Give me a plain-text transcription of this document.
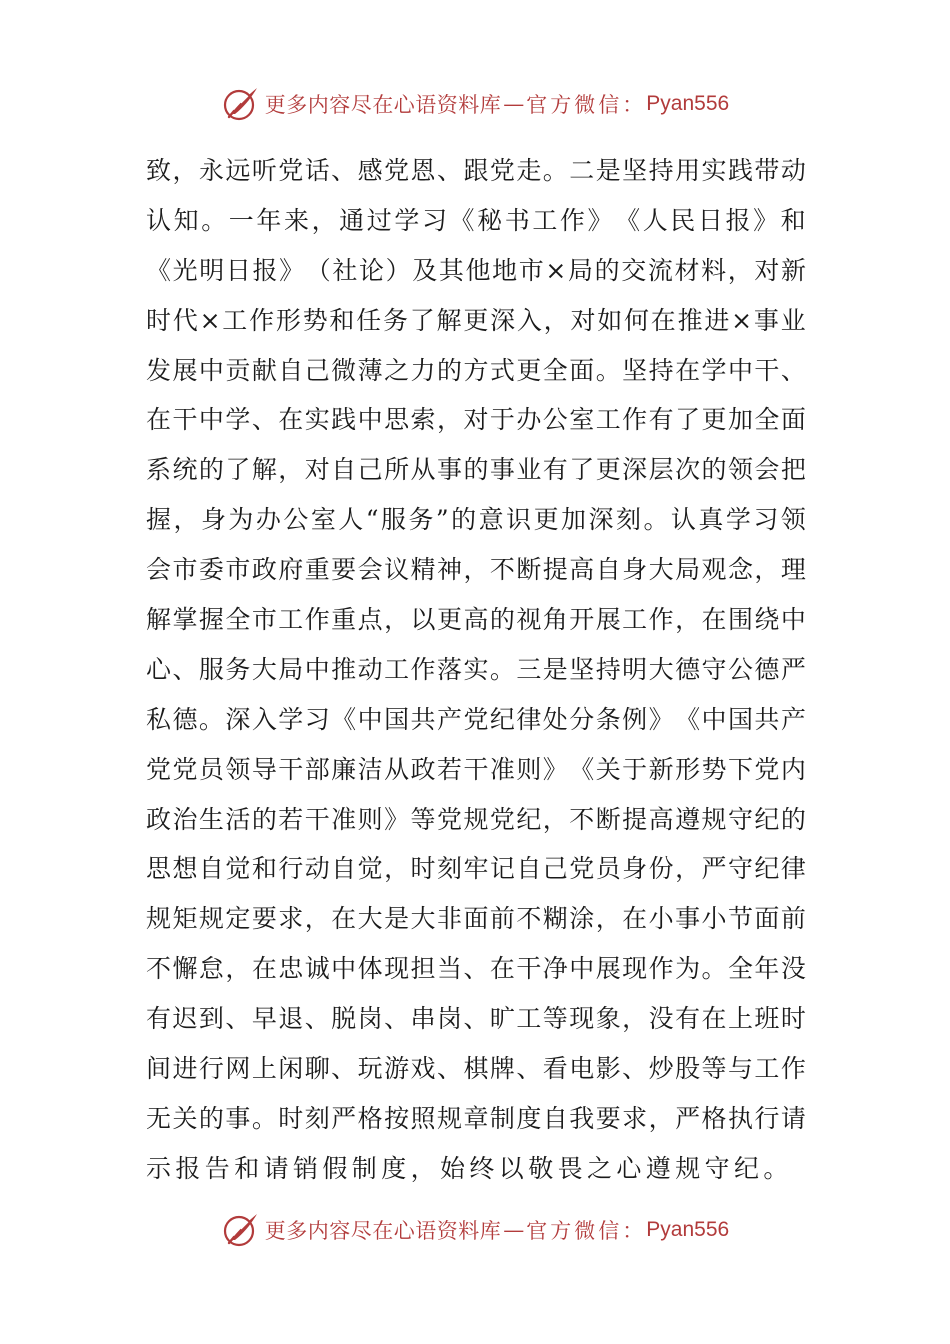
更多内容尽在心语资料库 — 官方微信： Pyan556
致 ， 永 远 听 党 话 、 感 党 恩 、 跟 党 走 。 二 是 坚 持 用 实 践 带 动
认 知 。 一 年 来 ， 通 过 学 习 《 秘 书 工 作 》 《 人 民 日 报 》 和
《 光 明 日 报 》 （ 社 论 ） 及 其 他 地 市 × 局 的 交 流 材 料 ， 对 新
时 代 × 工 作 形 势 和 任 务 了 解 更 深 入 ， 对 如 何 在 推 进 × 事 业
发 展 中 贡 献 自 己 微 薄 之 力 的 方 式 更 全 面 。 坚 持 在 学 中 干 、
在 干 中 学 、 在 实 践 中 思 索 ， 对 于 办 公 室 工 作 有 了 更 加 全 面
系 统 的 了 解 ， 对 自 己 所 从 事 的 事 业 有 了 更 深 层 次 的 领 会 把
握 ， 身 为 办 公 室 人 “ 服 务 ” 的 意 识 更 加 深 刻 。 认 真 学 习 领
会 市 委 市 政 府 重 要 会 议 精 神 ， 不 断 提 高 自 身 大 局 观 念 ， 理
解 掌 握 全 市 工 作 重 点 ， 以 更 高 的 视 角 开 展 工 作 ， 在 围 绕 中
心 、 服 务 大 局 中 推 动 工 作 落 实 。 三 是 坚 持 明 大 德 守 公 德 严
私 德 。 深 入 学 习 《 中 国 共 产 党 纪 律 处 分 条 例 》 《 中 国 共 产
党 党 员 领 导 干 部 廉 洁 从 政 若 干 准 则 》 《 关 于 新 形 势 下 党 内
政 治 生 活 的 若 干 准 则 》 等 党 规 党 纪 ， 不 断 提 高 遵 规 守 纪 的
思 想 自 觉 和 行 动 自 觉 ， 时 刻 牢 记 自 己 党 员 身 份 ， 严 守 纪 律
规 矩 规 定 要 求 ， 在 大 是 大 非 面 前 不 糊 涂 ， 在 小 事 小 节 面 前
不 懈 怠 ， 在 忠 诚 中 体 现 担 当 、 在 干 净 中 展 现 作 为 。 全 年 没
有 迟 到 、 早 退 、 脱 岗 、 串 岗 、 旷 工 等 现 象 ， 没 有 在 上 班 时
间 进 行 网 上 闲 聊 、 玩 游 戏 、 棋 牌 、 看 电 影 、 炒 股 等 与 工 作
无 关 的 事 。 时 刻 严 格 按 照 规 章 制 度 自 我 要 求 ， 严 格 执 行 请
示报告和请销假制度，始终以敬畏之心遵规守纪。
更多内容尽在心语资料库 — 官方微信： Pyan556
